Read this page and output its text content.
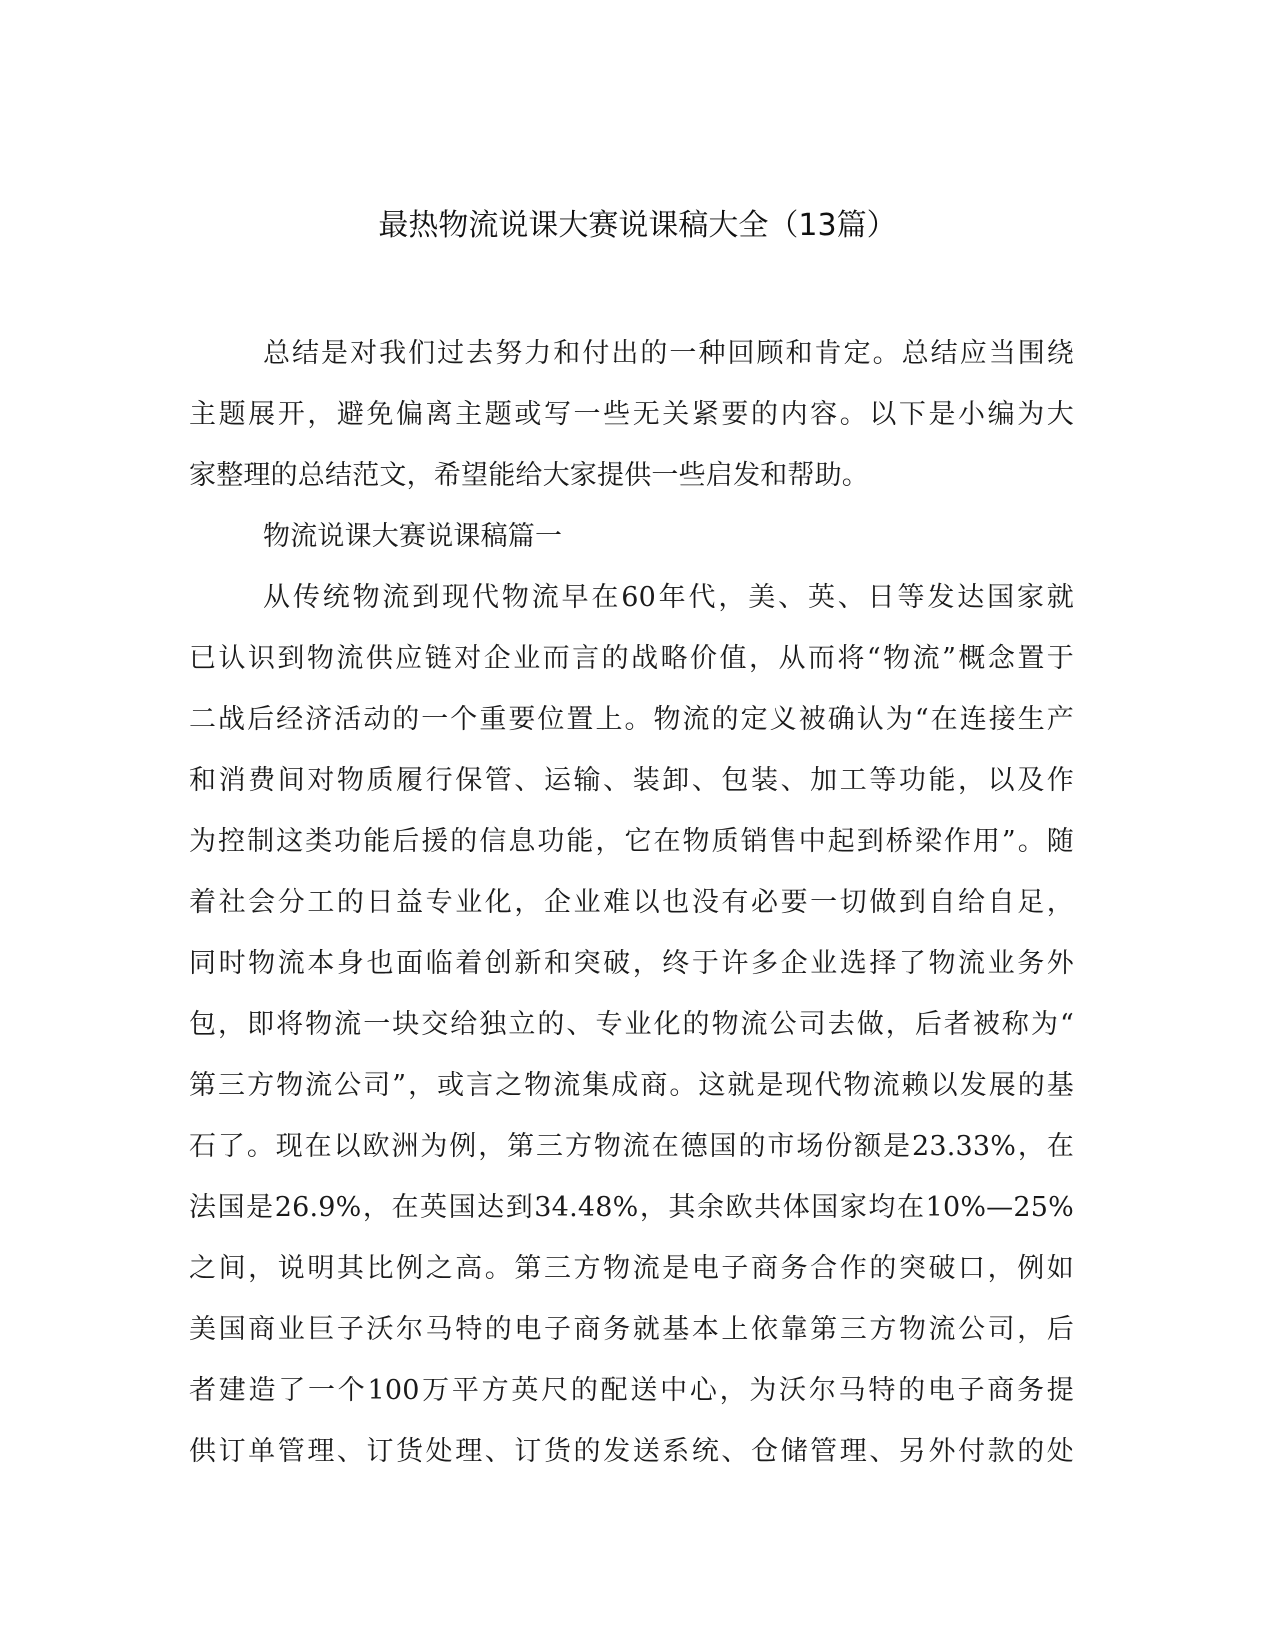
最热物流说课大赛说课稿大全（13篇）
总结是对我们过去努力和付出的一种回顾和肯定。总结应当围绕
主题展开，避免偏离主题或写一些无关紧要的内容。以下是小编为大
家整理的总结范文，希望能给大家提供一些启发和帮助。
物流说课大赛说课稿篇一
从传统物流到现代物流早在60年代，美、英、日等发达国家就
已认识到物流供应链对企业而言的战略价值，从而将“物流”概念置于
二战后经济活动的一个重要位置上。物流的定义被确认为“在连接生产
和消费间对物质履行保管、运输、装卸、包装、加工等功能，以及作
为控制这类功能后援的信息功能，它在物质销售中起到桥梁作用”。随
着社会分工的日益专业化，企业难以也没有必要一切做到自给自足，
同时物流本身也面临着创新和突破，终于许多企业选择了物流业务外
包，即将物流一块交给独立的、专业化的物流公司去做，后者被称为“
第三方物流公司”，或言之物流集成商。这就是现代物流赖以发展的基
石了。现在以欧洲为例，第三方物流在德国的市场份额是23.33%，在
法国是26.9%，在英国达到34.48%，其余欧共体国家均在10%—25%
之间，说明其比例之高。第三方物流是电子商务合作的突破口，例如
美国商业巨子沃尔马特的电子商务就基本上依靠第三方物流公司，后
者建造了一个100万平方英尺的配送中心，为沃尔马特的电子商务提
供订单管理、订货处理、订货的发送系统、仓储管理、另外付款的处
